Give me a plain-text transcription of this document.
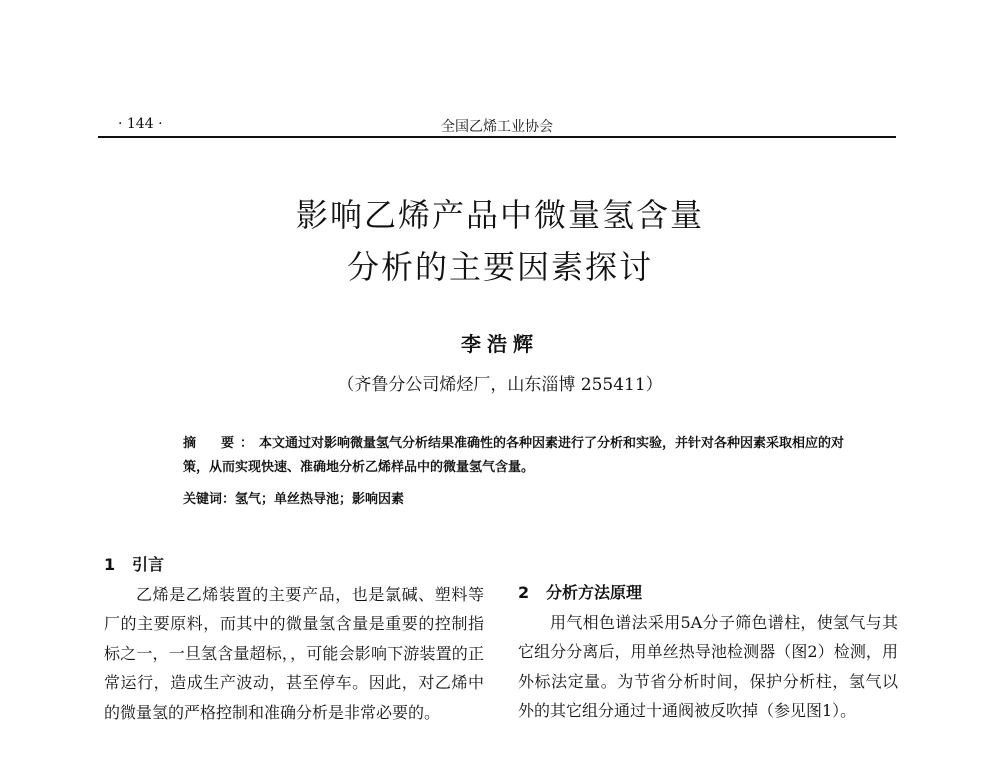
· 144 ·	全国乙烯工业协会
影响乙烯产品中微量氢含量
分析的主要因素探讨
李浩辉
（齐鲁分公司烯烃厂，山东淄博 255411）
摘　要：本文通过对影响微量氢气分析结果准确性的各种因素进行了分析和实验，并针对各种因素采取相应的对策，从而实现快速、准确地分析乙烯样品中的微量氢气含量。
关键词：氢气；单丝热导池；影响因素
1 引言
乙烯是乙烯装置的主要产品，也是氯碱、塑料等厂的主要原料，而其中的微量氢含量是重要的控制指标之一，一旦氢含量超标，，可能会影响下游装置的正常运行，造成生产波动，甚至停车。因此，对乙烯中的微量氢的严格控制和准确分析是非常必要的。
2 分析方法原理
用气相色谱法采用5A分子筛色谱柱，使氢气与其它组分分离后，用单丝热导池检测器（图2）检测，用外标法定量。为节省分析时间，保护分析柱，氢气以外的其它组分通过十通阀被反吹掉（参见图1）。
